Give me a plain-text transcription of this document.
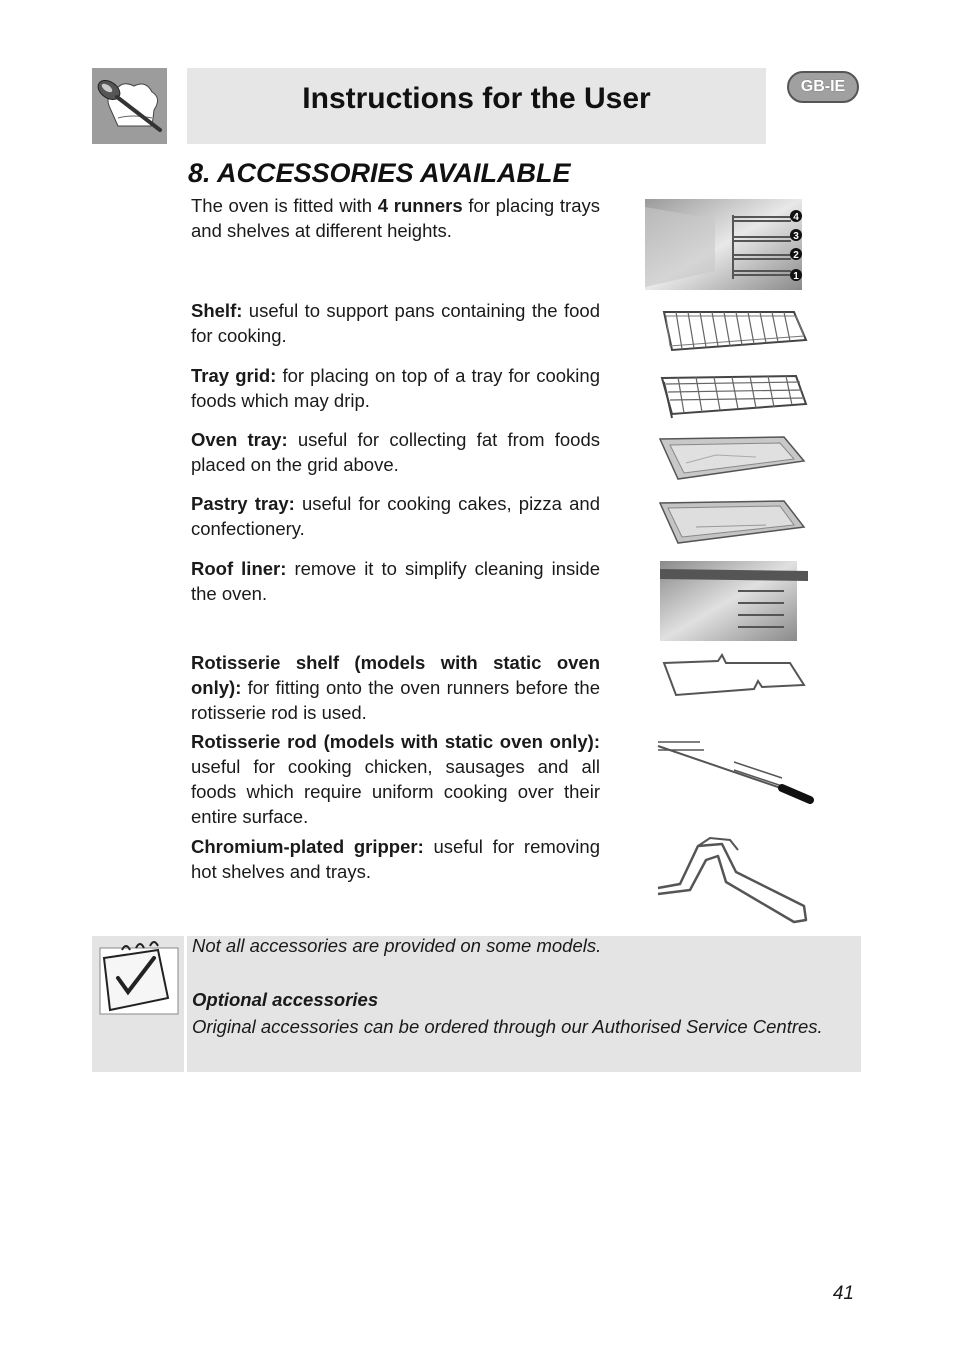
Instructions for the User	GB-IE
8. ACCESSORIES AVAILABLE
The oven is fitted with 4 runners for placing trays and shelves at different heights.
Shelf: useful to support pans containing the food for cooking.
Tray grid: for placing on top of a tray for cooking foods which may drip.
Oven tray: useful for collecting fat from foods placed on the grid above.
Pastry tray: useful for cooking cakes, pizza and confectionery.
Roof liner: remove it to simplify cleaning inside the oven.
Rotisserie shelf (models with static oven only): for fitting onto the oven runners before the rotisserie rod is used.
Rotisserie rod (models with static oven only): useful for cooking chicken, sausages and all foods which require uniform cooking over their entire surface.
Chromium-plated gripper: useful for removing hot shelves and trays.
4
3
2
1
Not all accessories are provided on some models.
Optional accessories
Original accessories can be ordered through our Authorised Service Centres.
41
